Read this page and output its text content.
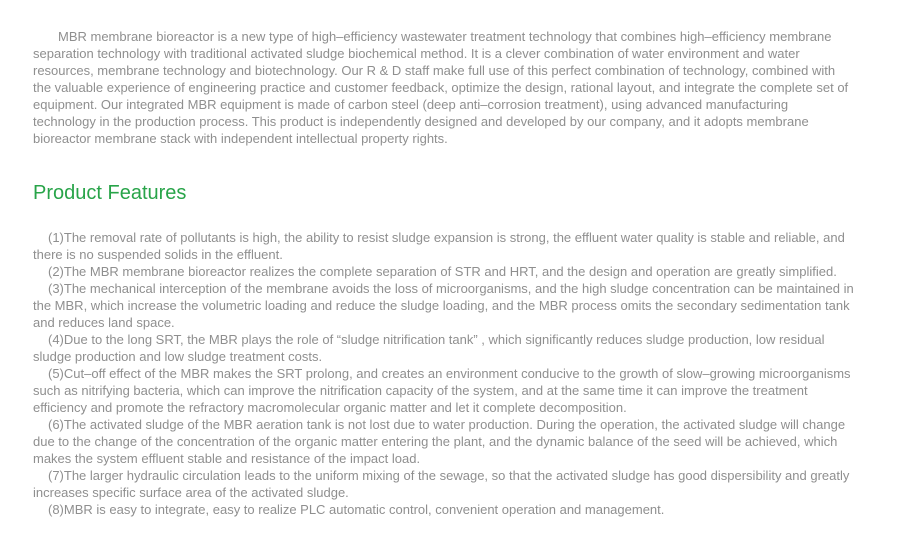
MBR membrane bioreactor is a new type of high–efficiency wastewater treatment technology that combines high–efficiency membrane separation technology with traditional activated sludge biochemical method. It is a clever combination of water environment and water resources, membrane technology and biotechnology. Our R & D staff make full use of this perfect combination of technology, combined with the valuable experience of engineering practice and customer feedback, optimize the design, rational layout, and integrate the complete set of equipment. Our integrated MBR equipment is made of carbon steel (deep anti–corrosion treatment), using advanced manufacturing technology in the production process. This product is independently designed and developed by our company, and it adopts membrane bioreactor membrane stack with independent intellectual property rights.

Product Features

(1)The removal rate of pollutants is high, the ability to resist sludge expansion is strong, the effluent water quality is stable and reliable, and there is no suspended solids in the effluent.

(2)The MBR membrane bioreactor realizes the complete separation of STR and HRT, and the design and operation are greatly simplified.

(3)The mechanical interception of the membrane avoids the loss of microorganisms, and the high sludge concentration can be maintained in the MBR, which increase the volumetric loading and reduce the sludge loading, and the MBR process omits the secondary sedimentation tank and reduces land space.

(4)Due to the long SRT, the MBR plays the role of “sludge nitrification tank” , which significantly reduces sludge production, low residual sludge production and low sludge treatment costs.

(5)Cut–off effect of the MBR makes the SRT prolong, and creates an environment conducive to the growth of slow–growing microorganisms such as nitrifying bacteria, which can improve the nitrification capacity of the system, and at the same time it can improve the treatment efficiency and promote the refractory macromolecular organic matter and let it complete decomposition.

(6)The activated sludge of the MBR aeration tank is not lost due to water production. During the operation, the activated sludge will change due to the change of the concentration of the organic matter entering the plant, and the dynamic balance of the seed will be achieved, which makes the system effluent stable and resistance of the impact load.

(7)The larger hydraulic circulation leads to the uniform mixing of the sewage, so that the activated sludge has good dispersibility and greatly increases specific surface area of the activated sludge.

(8)MBR is easy to integrate, easy to realize PLC automatic control, convenient operation and management.
